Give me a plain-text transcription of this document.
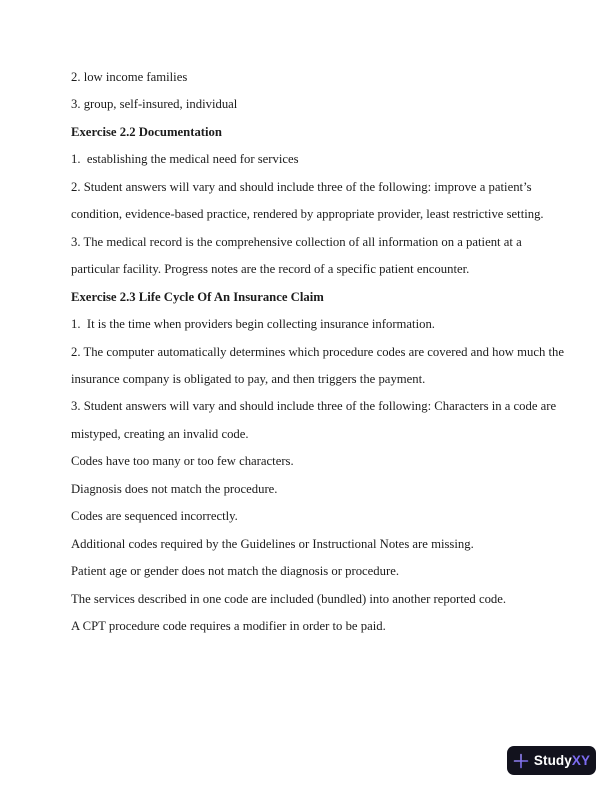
2. low income families
3. group, self-insured, individual
Exercise 2.2 Documentation
1.  establishing the medical need for services
2. Student answers will vary and should include three of the following: improve a patient’s
condition, evidence-based practice, rendered by appropriate provider, least restrictive setting.
3. The medical record is the comprehensive collection of all information on a patient at a
particular facility. Progress notes are the record of a specific patient encounter.
Exercise 2.3 Life Cycle Of An Insurance Claim
1.  It is the time when providers begin collecting insurance information.
2. The computer automatically determines which procedure codes are covered and how much the
insurance company is obligated to pay, and then triggers the payment.
3. Student answers will vary and should include three of the following: Characters in a code are
mistyped, creating an invalid code.
Codes have too many or too few characters.
Diagnosis does not match the procedure.
Codes are sequenced incorrectly.
Additional codes required by the Guidelines or Instructional Notes are missing.
Patient age or gender does not match the diagnosis or procedure.
The services described in one code are included (bundled) into another reported code.
A CPT procedure code requires a modifier in order to be paid.
StudyXY
